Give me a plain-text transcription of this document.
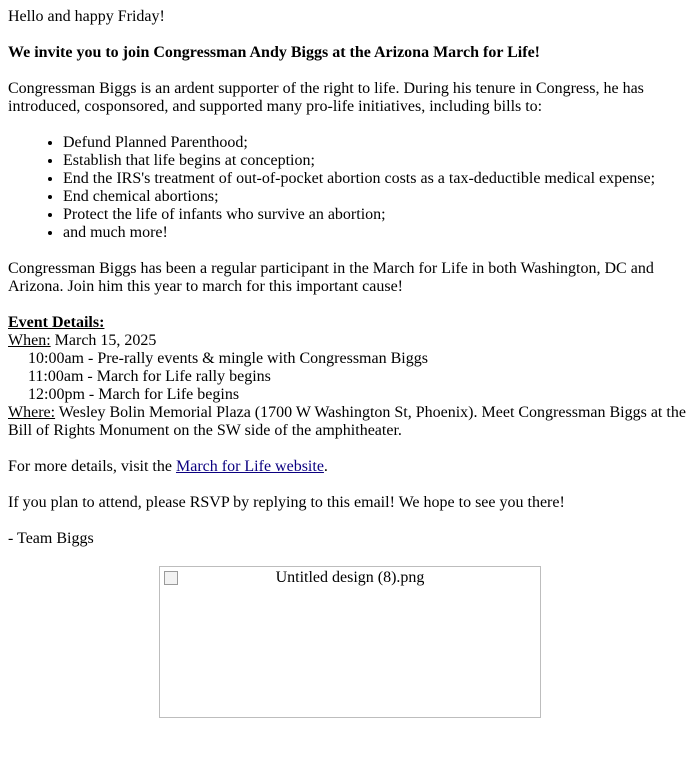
Hello and happy Friday!

We invite you to join Congressman Andy Biggs at the Arizona March for Life!

Congressman Biggs is an ardent supporter of the right to life. During his tenure in Congress, he has introduced, cosponsored, and supported many pro-life initiatives, including bills to:

• Defund Planned Parenthood;
• Establish that life begins at conception;
• End the IRS's treatment of out-of-pocket abortion costs as a tax-deductible medical expense;
• End chemical abortions;
• Protect the life of infants who survive an abortion;
• and much more!

Congressman Biggs has been a regular participant in the March for Life in both Washington, DC and Arizona. Join him this year to march for this important cause!

Event Details:
When: March 15, 2025
10:00am - Pre-rally events & mingle with Congressman Biggs
11:00am - March for Life rally begins
12:00pm - March for Life begins
Where: Wesley Bolin Memorial Plaza (1700 W Washington St, Phoenix). Meet Congressman Biggs at the Bill of Rights Monument on the SW side of the amphitheater.

For more details, visit the March for Life website.

If you plan to attend, please RSVP by replying to this email! We hope to see you there!

- Team Biggs

Untitled design (8).png
